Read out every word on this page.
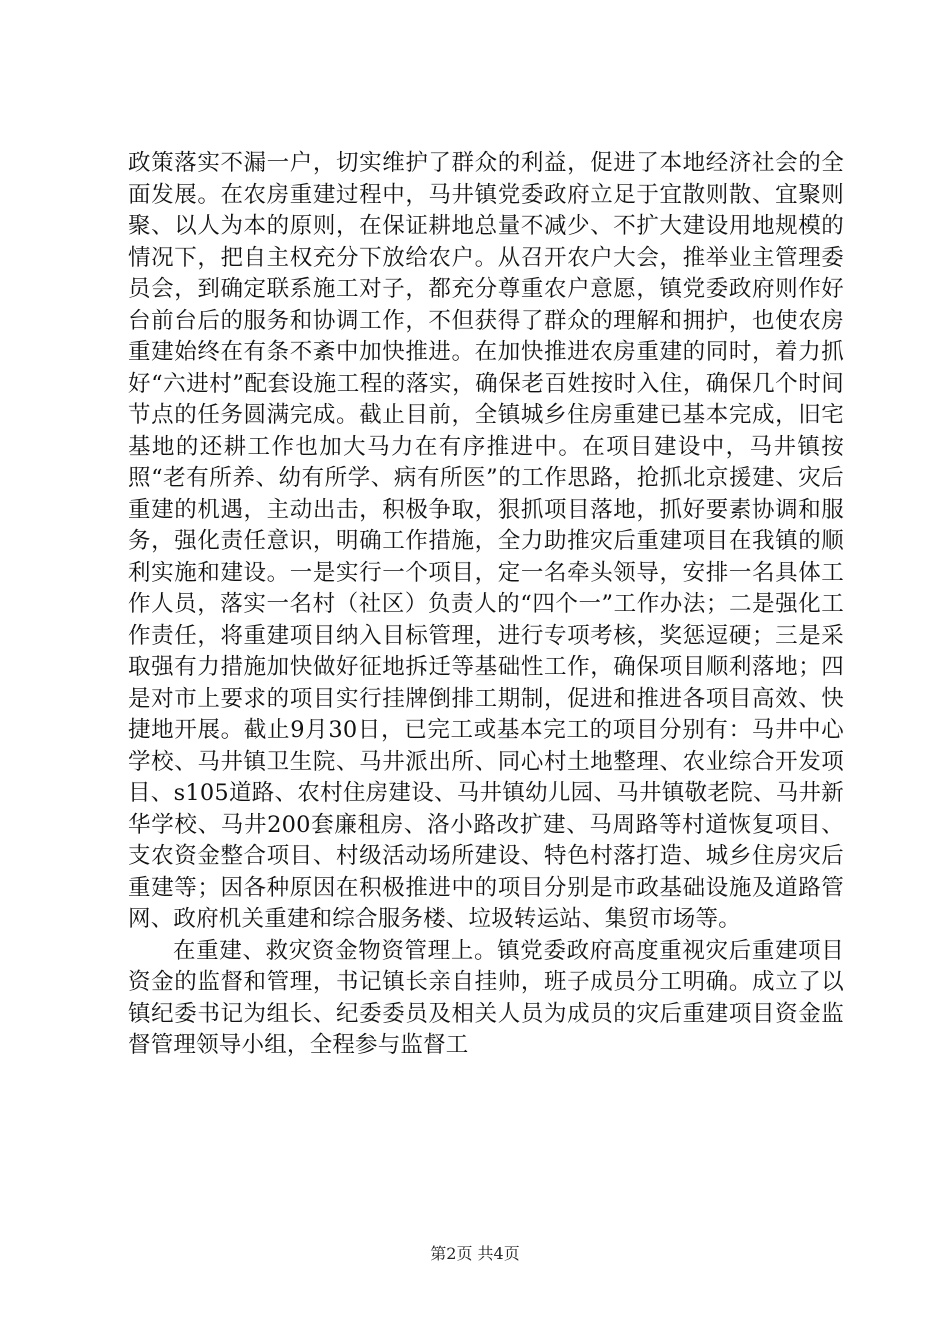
政策落实不漏一户，切实维护了群众的利益，促进了本地经济社会的全面发展。在农房重建过程中，马井镇党委政府立足于宜散则散、宜聚则聚、以人为本的原则，在保证耕地总量不减少、不扩大建设用地规模的情况下，把自主权充分下放给农户。从召开农户大会，推举业主管理委员会，到确定联系施工对子，都充分尊重农户意愿，镇党委政府则作好台前台后的服务和协调工作，不但获得了群众的理解和拥护，也使农房重建始终在有条不紊中加快推进。在加快推进农房重建的同时，着力抓好“六进村”配套设施工程的落实，确保老百姓按时入住，确保几个时间节点的任务圆满完成。截止目前，全镇城乡住房重建已基本完成，旧宅基地的还耕工作也加大马力在有序推进中。在项目建设中，马井镇按照“老有所养、幼有所学、病有所医”的工作思路，抢抓北京援建、灾后重建的机遇，主动出击，积极争取，狠抓项目落地，抓好要素协调和服务，强化责任意识，明确工作措施，全力助推灾后重建项目在我镇的顺利实施和建设。一是实行一个项目，定一名牵头领导，安排一名具体工作人员，落实一名村（社区）负责人的“四个一”工作办法；二是强化工作责任，将重建项目纳入目标管理，进行专项考核，奖惩逗硬；三是采取强有力措施加快做好征地拆迁等基础性工作，确保项目顺利落地；四是对市上要求的项目实行挂牌倒排工期制，促进和推进各项目高效、快捷地开展。截止9月30日，已完工或基本完工的项目分别有：马井中心学校、马井镇卫生院、马井派出所、同心村土地整理、农业综合开发项目、s105道路、农村住房建设、马井镇幼儿园、马井镇敬老院、马井新华学校、马井200套廉租房、洛小路改扩建、马周路等村道恢复项目、支农资金整合项目、村级活动场所建设、特色村落打造、城乡住房灾后重建等；因各种原因在积极推进中的项目分别是市政基础设施及道路管网、政府机关重建和综合服务楼、垃圾转运站、集贸市场等。

在重建、救灾资金物资管理上。镇党委政府高度重视灾后重建项目资金的监督和管理，书记镇长亲自挂帅，班子成员分工明确。成立了以镇纪委书记为组长、纪委委员及相关人员为成员的灾后重建项目资金监督管理领导小组，全程参与监督工

第2页 共4页
